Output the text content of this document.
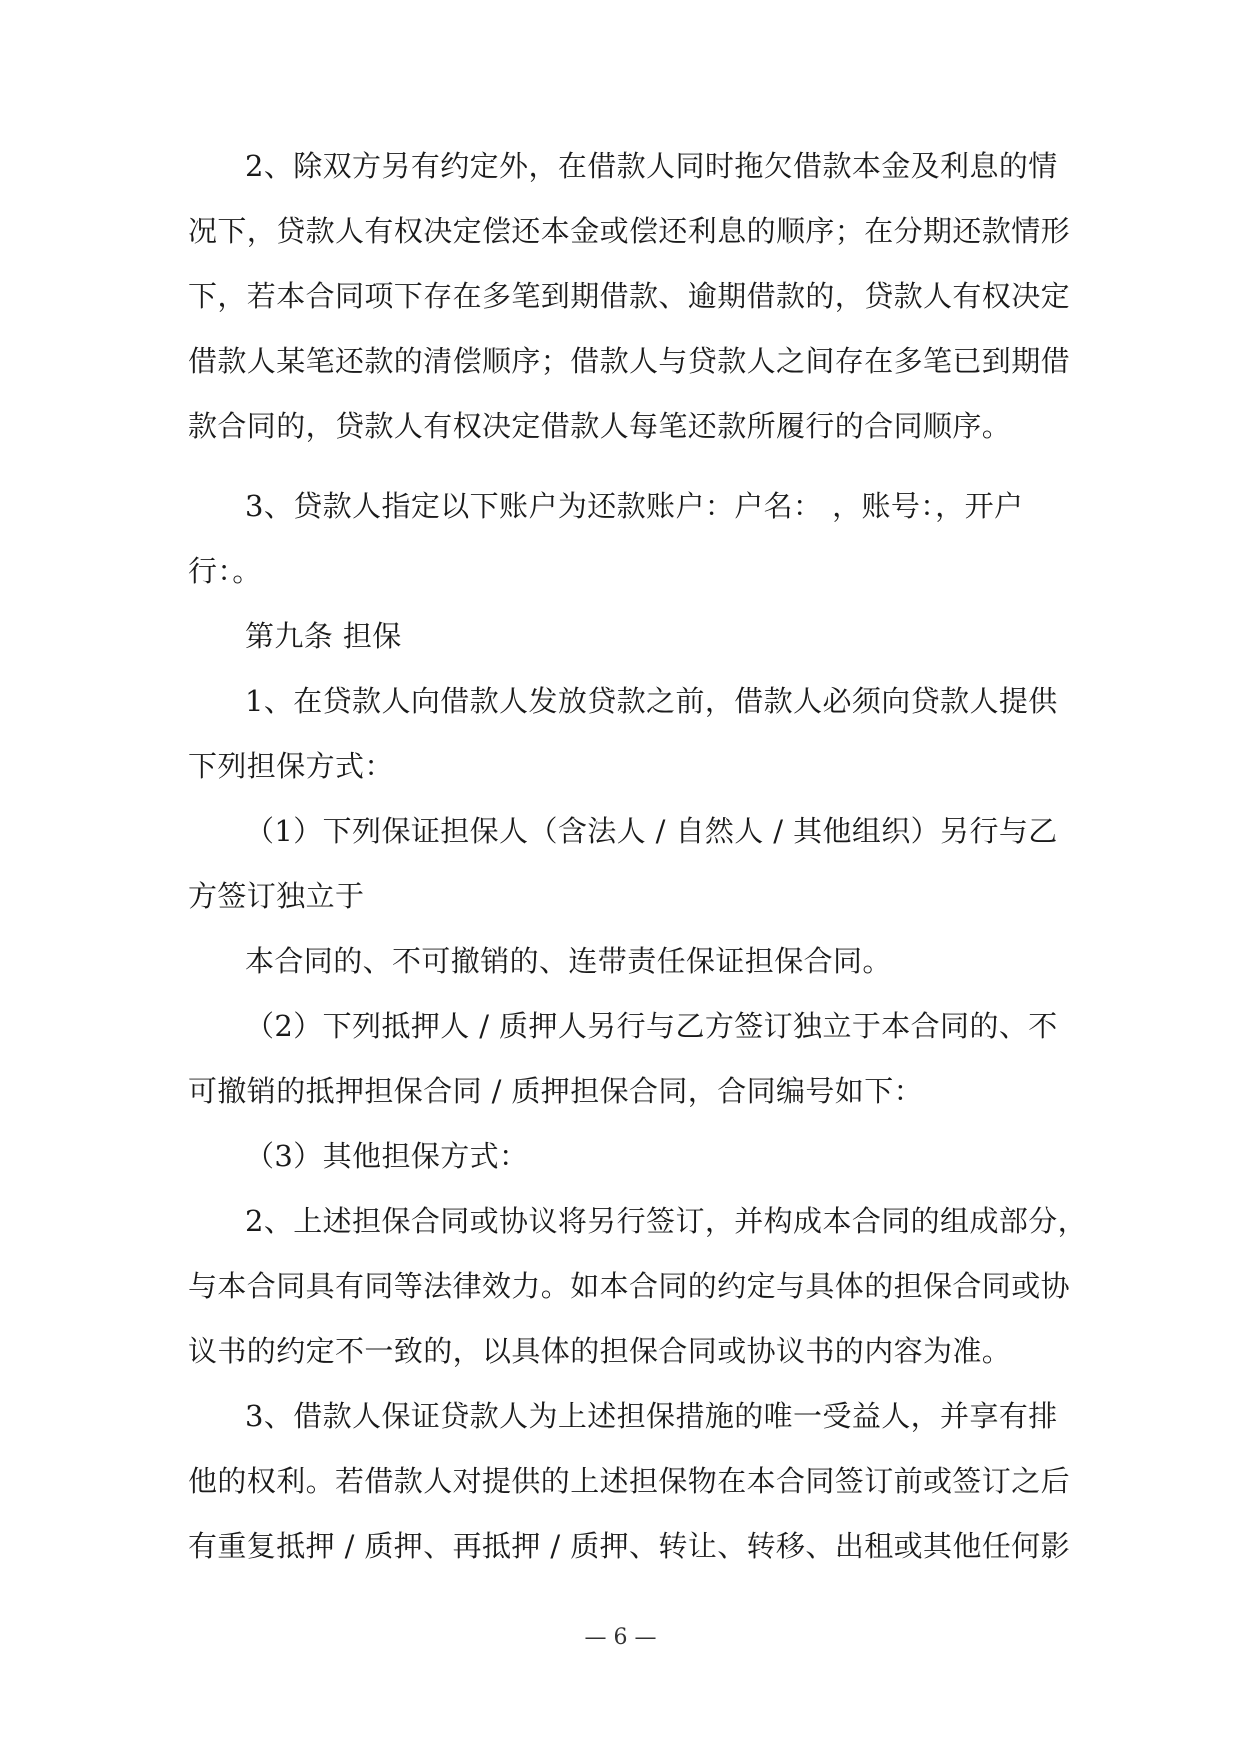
2、除双方另有约定外，在借款人同时拖欠借款本金及利息的情
况下，贷款人有权决定偿还本金或偿还利息的顺序；在分期还款情形
下，若本合同项下存在多笔到期借款、逾期借款的，贷款人有权决定
借款人某笔还款的清偿顺序；借款人与贷款人之间存在多笔已到期借
款合同的，贷款人有权决定借款人每笔还款所履行的合同顺序。
3、贷款人指定以下账户为还款账户：户名： ，账号：，开户
行：。
第九条 担保
1、在贷款人向借款人发放贷款之前，借款人必须向贷款人提供
下列担保方式：
（1）下列保证担保人（含法人 / 自然人 / 其他组织）另行与乙
方签订独立于
本合同的、不可撤销的、连带责任保证担保合同。
（2）下列抵押人 / 质押人另行与乙方签订独立于本合同的、不
可撤销的抵押担保合同 / 质押担保合同，合同编号如下：
（3）其他担保方式：
2、上述担保合同或协议将另行签订，并构成本合同的组成部分，
与本合同具有同等法律效力。如本合同的约定与具体的担保合同或协
议书的约定不一致的，以具体的担保合同或协议书的内容为准。
3、借款人保证贷款人为上述担保措施的唯一受益人，并享有排
他的权利。若借款人对提供的上述担保物在本合同签订前或签订之后
有重复抵押 / 质押、再抵押 / 质押、转让、转移、出租或其他任何影
— 6 —
